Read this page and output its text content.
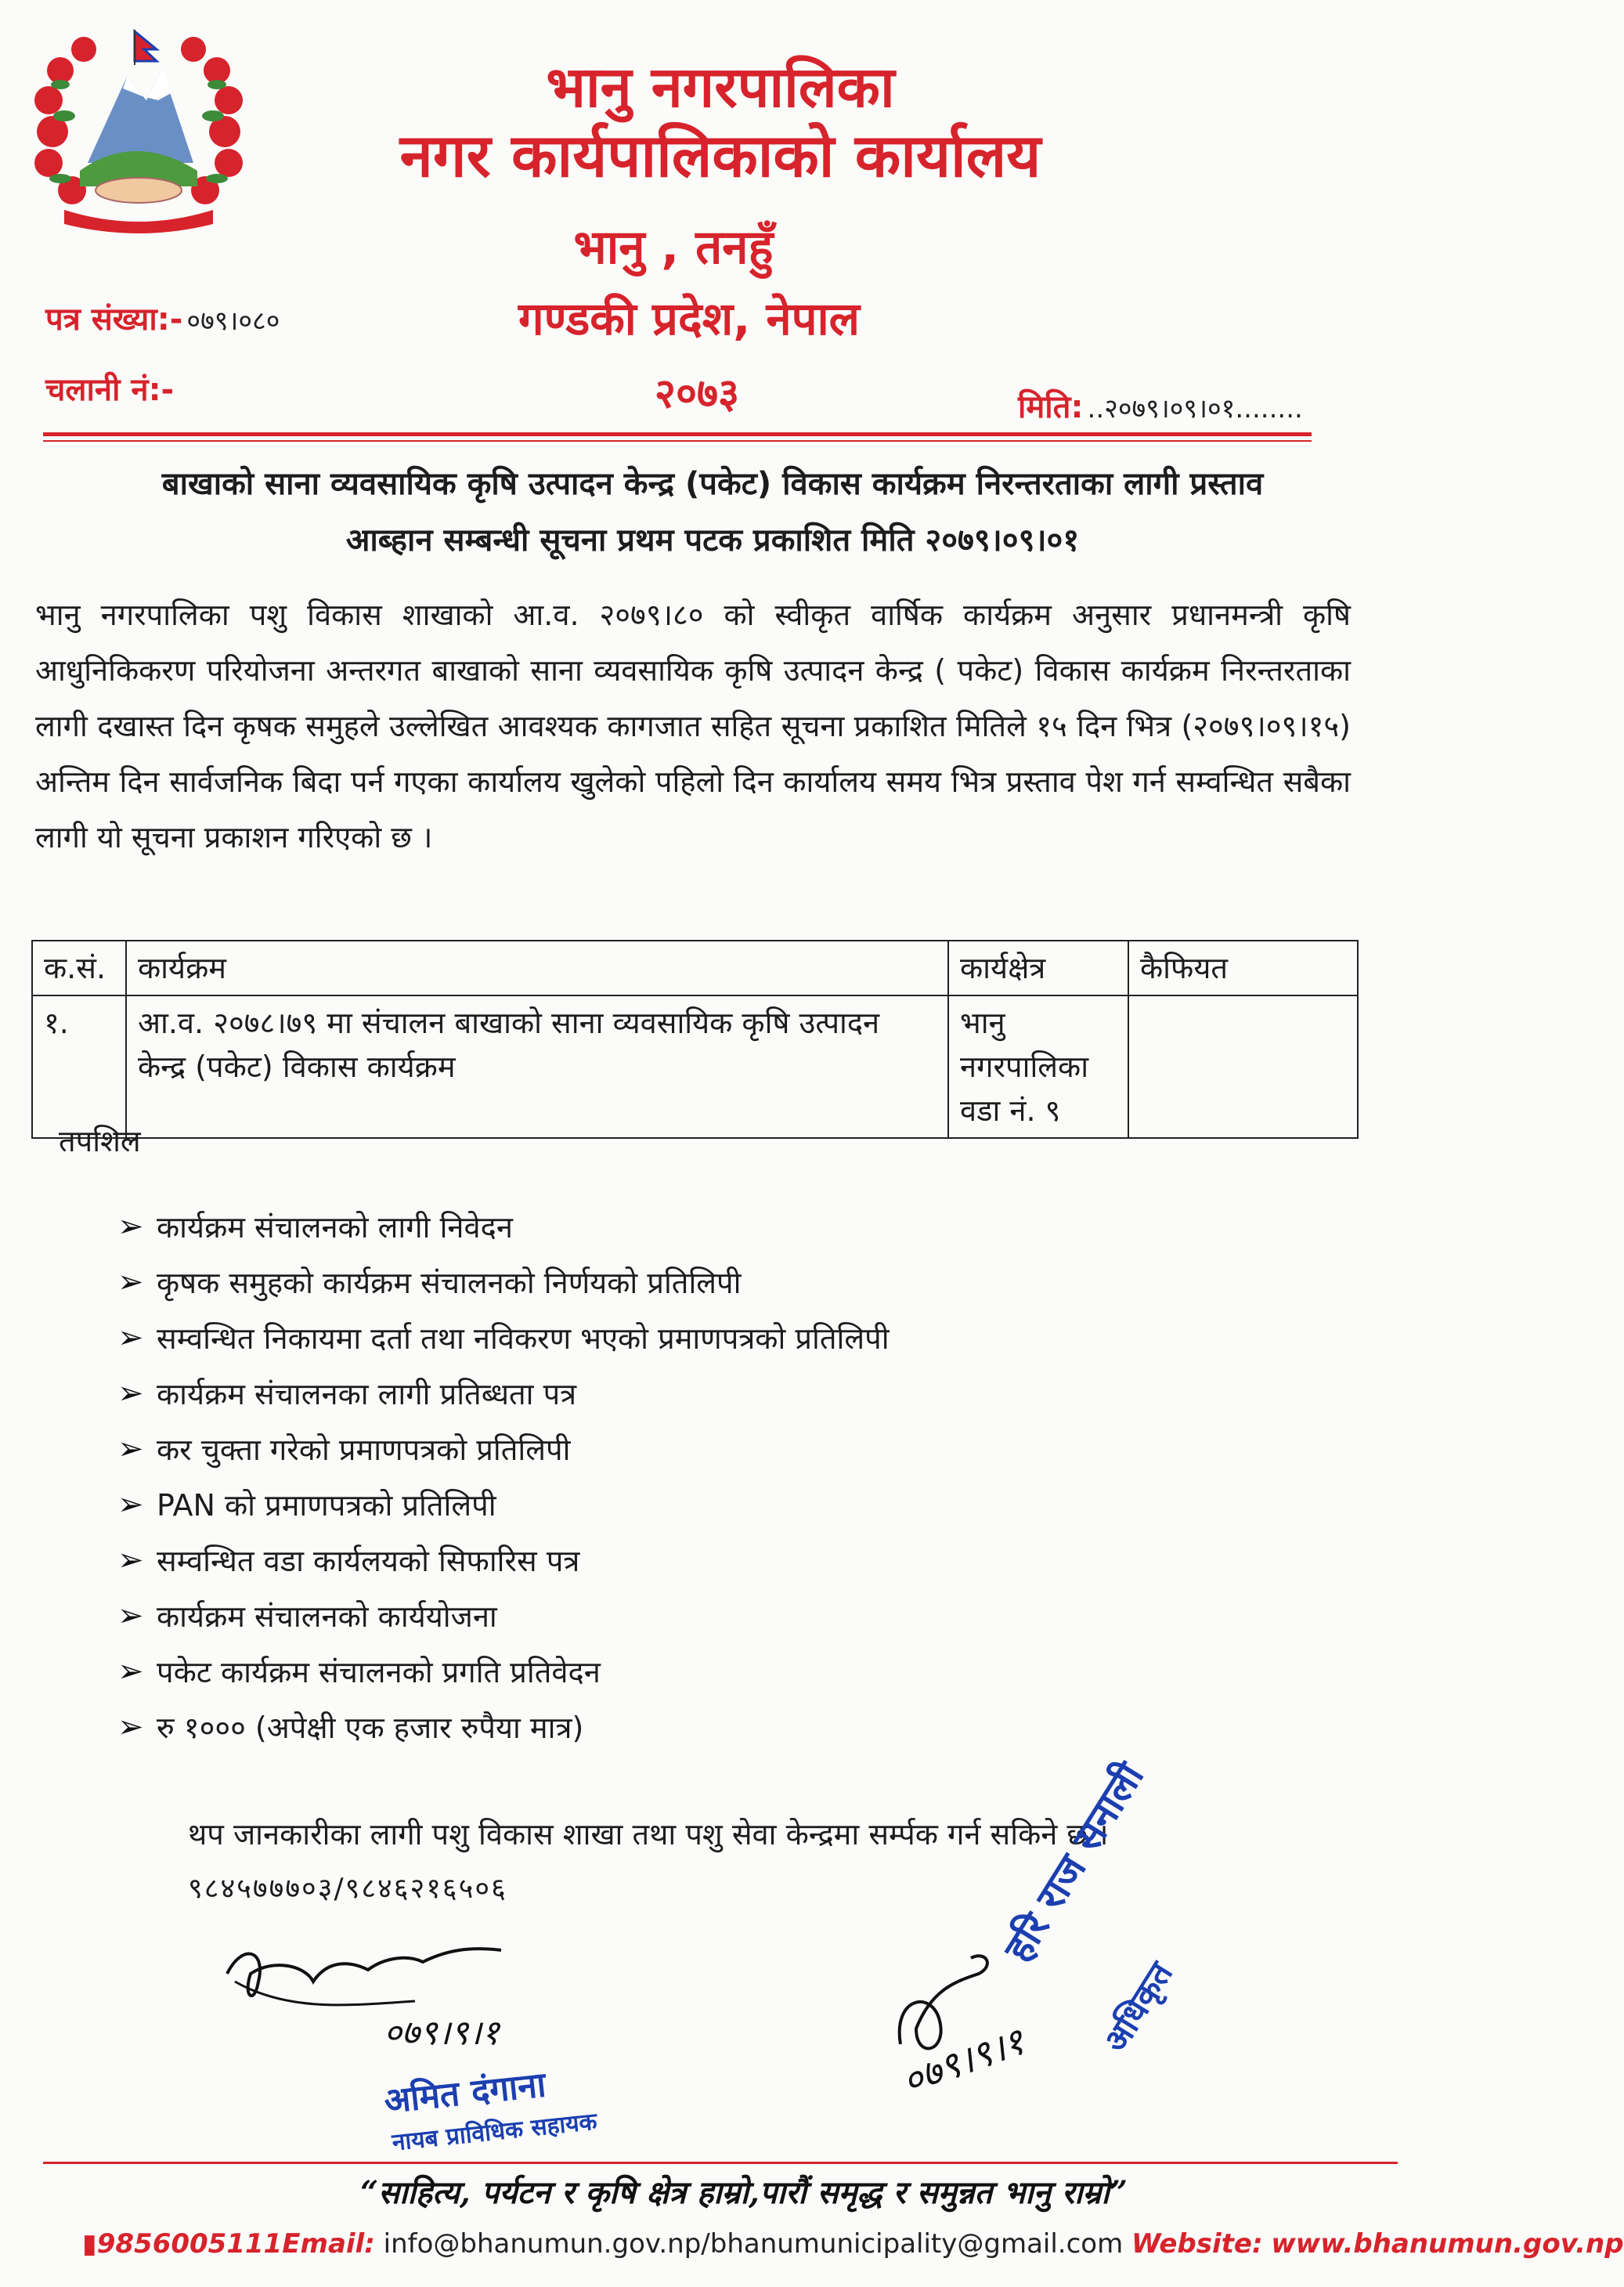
भानु नगरपालिका
नगर कार्यपालिकाको कार्यालय
भानु , तनहुँ
गण्डकी प्रदेश, नेपाल
२०७३
पत्र संख्या:- ०७९।०८०
चलानी नं:-	मिति: ..२०७९।०९।०१........
बाखाको साना व्यवसायिक कृषि उत्पादन केन्द्र (पकेट) विकास कार्यक्रम निरन्तरताका लागी प्रस्ताव
आब्हान सम्बन्धी सूचना प्रथम पटक प्रकाशित मिति २०७९।०९।०१
भानु नगरपालिका पशु विकास शाखाको आ.व. २०७९।८० को स्वीकृत वार्षिक कार्यक्रम अनुसार प्रधानमन्त्री कृषि आधुनिकिकरण परियोजना अन्तरगत बाखाको साना व्यवसायिक कृषि उत्पादन केन्द्र ( पकेट) विकास कार्यक्रम निरन्तरताका लागी दखास्त दिन कृषक समुहले उल्लेखित आवश्यक कागजात सहित सूचना प्रकाशित मितिले १५ दिन भित्र (२०७९।०९।१५) अन्तिम दिन सार्वजनिक बिदा पर्न गएका कार्यालय खुलेको पहिलो दिन कार्यालय समय भित्र प्रस्ताव पेश गर्न सम्वन्धित सबैका लागी यो सूचना प्रकाशन गरिएको छ ।
क.सं.	कार्यक्रम	कार्यक्षेत्र	कैफियत
१.	आ.व. २०७८।७९ मा संचालन बाखाको साना व्यवसायिक कृषि उत्पादन केन्द्र (पकेट) विकास कार्यक्रम	भानु
नगरपालिका
वडा नं. ९	

तपशिल
➢ कार्यक्रम संचालनको लागी निवेदन
➢ कृषक समुहको कार्यक्रम संचालनको निर्णयको प्रतिलिपी
➢ सम्वन्धित निकायमा दर्ता तथा नविकरण भएको प्रमाणपत्रको प्रतिलिपी
➢ कार्यक्रम संचालनका लागी प्रतिब्धता पत्र
➢ कर चुक्ता गरेको प्रमाणपत्रको प्रतिलिपी
➢ PAN को प्रमाणपत्रको प्रतिलिपी
➢ सम्वन्धित वडा कार्यलयको सिफारिस पत्र
➢ कार्यक्रम संचालनको कार्ययोजना
➢ पकेट कार्यक्रम संचालनको प्रगति प्रतिवेदन
➢ रु १००० (अपेक्षी एक हजार रुपैया मात्र)
थप जानकारीका लागी पशु विकास शाखा तथा पशु सेवा केन्द्रमा सर्म्पक गर्न सकिने छ ।
९८४५७७७०३/९८४६२१६५०६
०७९।९।१
अमित दंगाना
नायब प्राविधिक सहायक
०७९।९।१
हरि राज सनाली
अधिकृत
“साहित्य, पर्यटन र कृषि क्षेत्र हाम्रो,पारौं समृद्ध र समुन्नत भानु राम्रो”
▮9856005111Email: info@bhanumun.gov.np/bhanumunicipality@gmail.com Website: www.bhanumun.gov.np
